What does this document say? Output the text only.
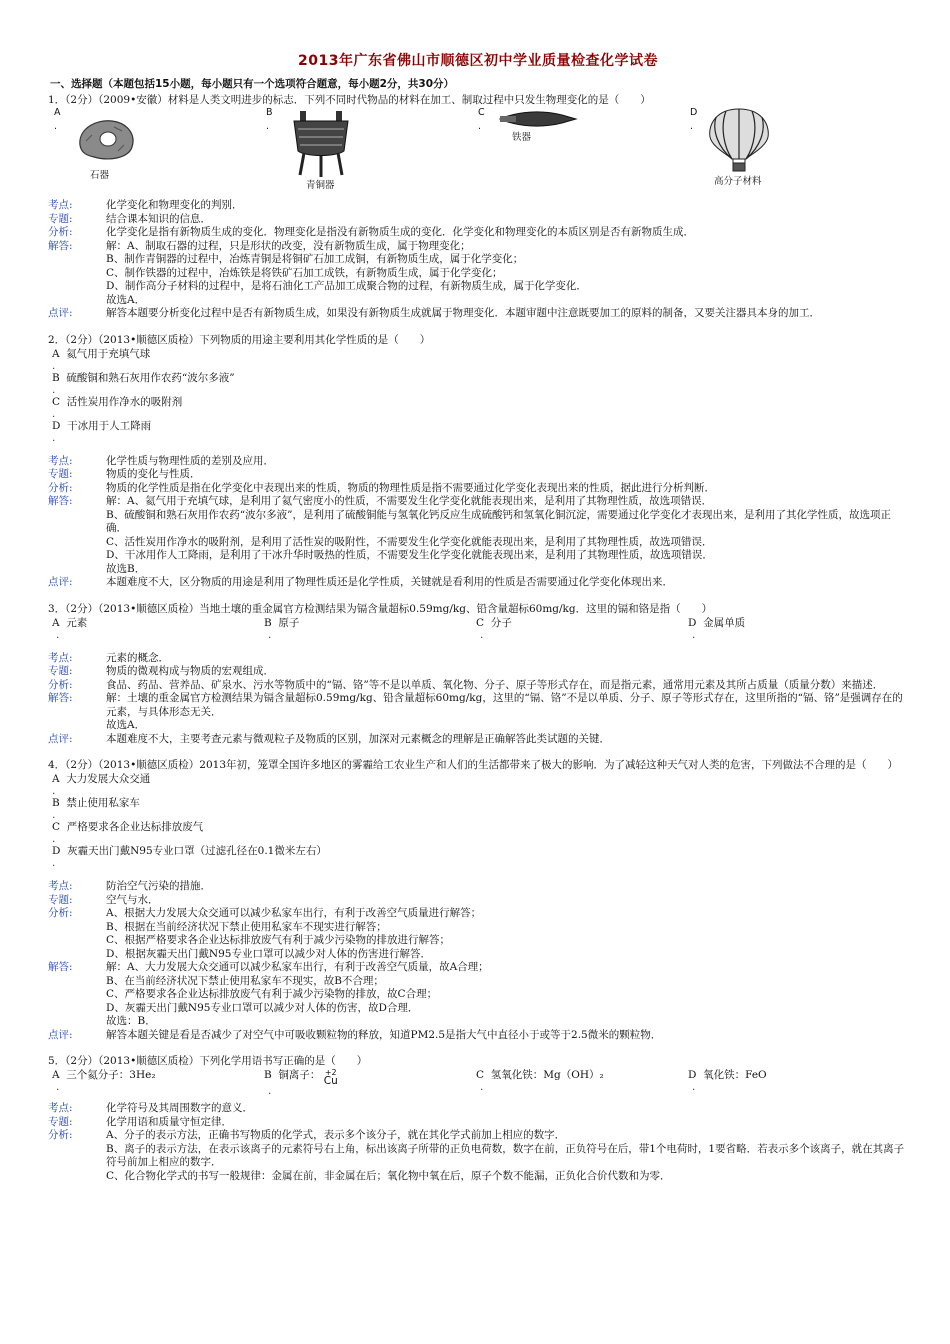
2013年广东省佛山市顺德区初中学业质量检查化学试卷
一、选择题（本题包括15小题，每小题只有一个选项符合题意，每小题2分，共30分）
1．（2分）（2009•安徽）材料是人类文明进步的标志．下列不同时代物品的材料在加工、制取过程中只发生物理变化的是（　　）
A
.
石器
B
.
青铜器
C
.
铁器
D
.
高分子材料
考点:	化学变化和物理变化的判别．
专题:	结合课本知识的信息．
分析:	化学变化是指有新物质生成的变化．物理变化是指没有新物质生成的变化．化学变化和物理变化的本质区别是否有新物质生成．
解答:	解：A、制取石器的过程，只是形状的改变，没有新物质生成，属于物理变化；
B、制作青铜器的过程中，冶炼青铜是将铜矿石加工成铜，有新物质生成，属于化学变化；
C、制作铁器的过程中，冶炼铁是将铁矿石加工成铁，有新物质生成，属于化学变化；
D、制作高分子材料的过程中，是将石油化工产品加工成聚合物的过程，有新物质生成，属于化学变化．
故选A．
点评:	解答本题要分析变化过程中是否有新物质生成，如果没有新物质生成就属于物理变化．本题审题中注意既要加工的原料的制备，又要关注器具本身的加工．
2．（2分）（2013•顺德区质检）下列物质的用途主要利用其化学性质的是（　　）
A 氦气用于充填气球
.
B 硫酸铜和熟石灰用作农药“波尔多液”
.
C 活性炭用作净水的吸附剂
.
D 干冰用于人工降雨
.
考点:	化学性质与物理性质的差别及应用．
专题:	物质的变化与性质．
分析:	物质的化学性质是指在化学变化中表现出来的性质，物质的物理性质是指不需要通过化学变化表现出来的性质，据此进行分析判断．
解答:	解：A、氦气用于充填气球，是利用了氦气密度小的性质，不需要发生化学变化就能表现出来，是利用了其物理性质，故选项错误．
B、硫酸铜和熟石灰用作农药“波尔多液”，是利用了硫酸铜能与氢氧化钙反应生成硫酸钙和氢氧化铜沉淀，需要通过化学变化才表现出来，是利用了其化学性质，故选项正确．
C、活性炭用作净水的吸附剂，是利用了活性炭的吸附性，不需要发生化学变化就能表现出来，是利用了其物理性质，故选项错误．
D、干冰用作人工降雨，是利用了干冰升华时吸热的性质，不需要发生化学变化就能表现出来，是利用了其物理性质，故选项错误．
故选B．
点评:	本题难度不大，区分物质的用途是利用了物理性质还是化学性质，关键就是看利用的性质是否需要通过化学变化体现出来．
3．（2分）（2013•顺德区质检）当地土壤的重金属官方检测结果为镉含量超标0.59mg/kg、铅含量超标60mg/kg．这里的镉和铬是指（　　）
A 元素
.
B 原子
.
C 分子
.
D 金属单质
.
考点:	元素的概念．
专题:	物质的微观构成与物质的宏观组成．
分析:	食品、药品、营养品、矿泉水、污水等物质中的“镉、铬”等不是以单质、氧化物、分子、原子等形式存在，而是指元素，通常用元素及其所占质量（质量分数）来描述．
解答:	解：土壤的重金属官方检测结果为镉含量超标0.59mg/kg、铅含量超标60mg/kg，这里的“镉、铬”不是以单质、分子、原子等形式存在，这里所指的“镉、铬”是强调存在的元素，与具体形态无关．
故选A．
点评:	本题难度不大，主要考查元素与微观粒子及物质的区别，加深对元素概念的理解是正确解答此类试题的关键．
4．（2分）（2013•顺德区质检）2013年初，笼罩全国许多地区的雾霾给工农业生产和人们的生活都带来了极大的影响．为了减轻这种天气对人类的危害，下列做法不合理的是（　　）
A 大力发展大众交通
.
B 禁止使用私家车
.
C 严格要求各企业达标排放废气
.
D 灰霾天出门戴N95专业口罩（过滤孔径在0.1微米左右）
.
考点:	防治空气污染的措施．
专题:	空气与水．
分析:	A、根据大力发展大众交通可以减少私家车出行，有利于改善空气质量进行解答；
B、根据在当前经济状况下禁止使用私家车不现实进行解答；
C、根据严格要求各企业达标排放废气有利于减少污染物的排放进行解答；
D、根据灰霾天出门戴N95专业口罩可以减少对人体的伤害进行解答．
解答:	解：A、大力发展大众交通可以减少私家车出行，有利于改善空气质量，故A合理；
B、在当前经济状况下禁止使用私家车不现实，故B不合理；
C、严格要求各企业达标排放废气有利于减少污染物的排放，故C合理；
D、灰霾天出门戴N95专业口罩可以减少对人体的伤害，故D合理．
故选：B．
点评:	解答本题关键是看是否减少了对空气中可吸收颗粒物的释放，知道PM2.5是指大气中直径小于或等于2.5微米的颗粒物．
5．（2分）（2013•顺德区质检）下列化学用语书写正确的是（　　）
A 三个氦分子：3He₂
.
B 铜离子： +2
Cu
.
C 氢氧化铁：Mg（OH）₂
.
D 氧化铁：FeO
.
考点:	化学符号及其周围数字的意义．
专题:	化学用语和质量守恒定律．
分析:	A、分子的表示方法，正确书写物质的化学式，表示多个该分子，就在其化学式前加上相应的数字．
B、离子的表示方法，在表示该离子的元素符号右上角，标出该离子所带的正负电荷数，数字在前，正负符号在后，带1个电荷时，1要省略．若表示多个该离子，就在其离子符号前加上相应的数字．
C、化合物化学式的书写一般规律：金属在前，非金属在后；氧化物中氧在后，原子个数不能漏，正负化合价代数和为零．
